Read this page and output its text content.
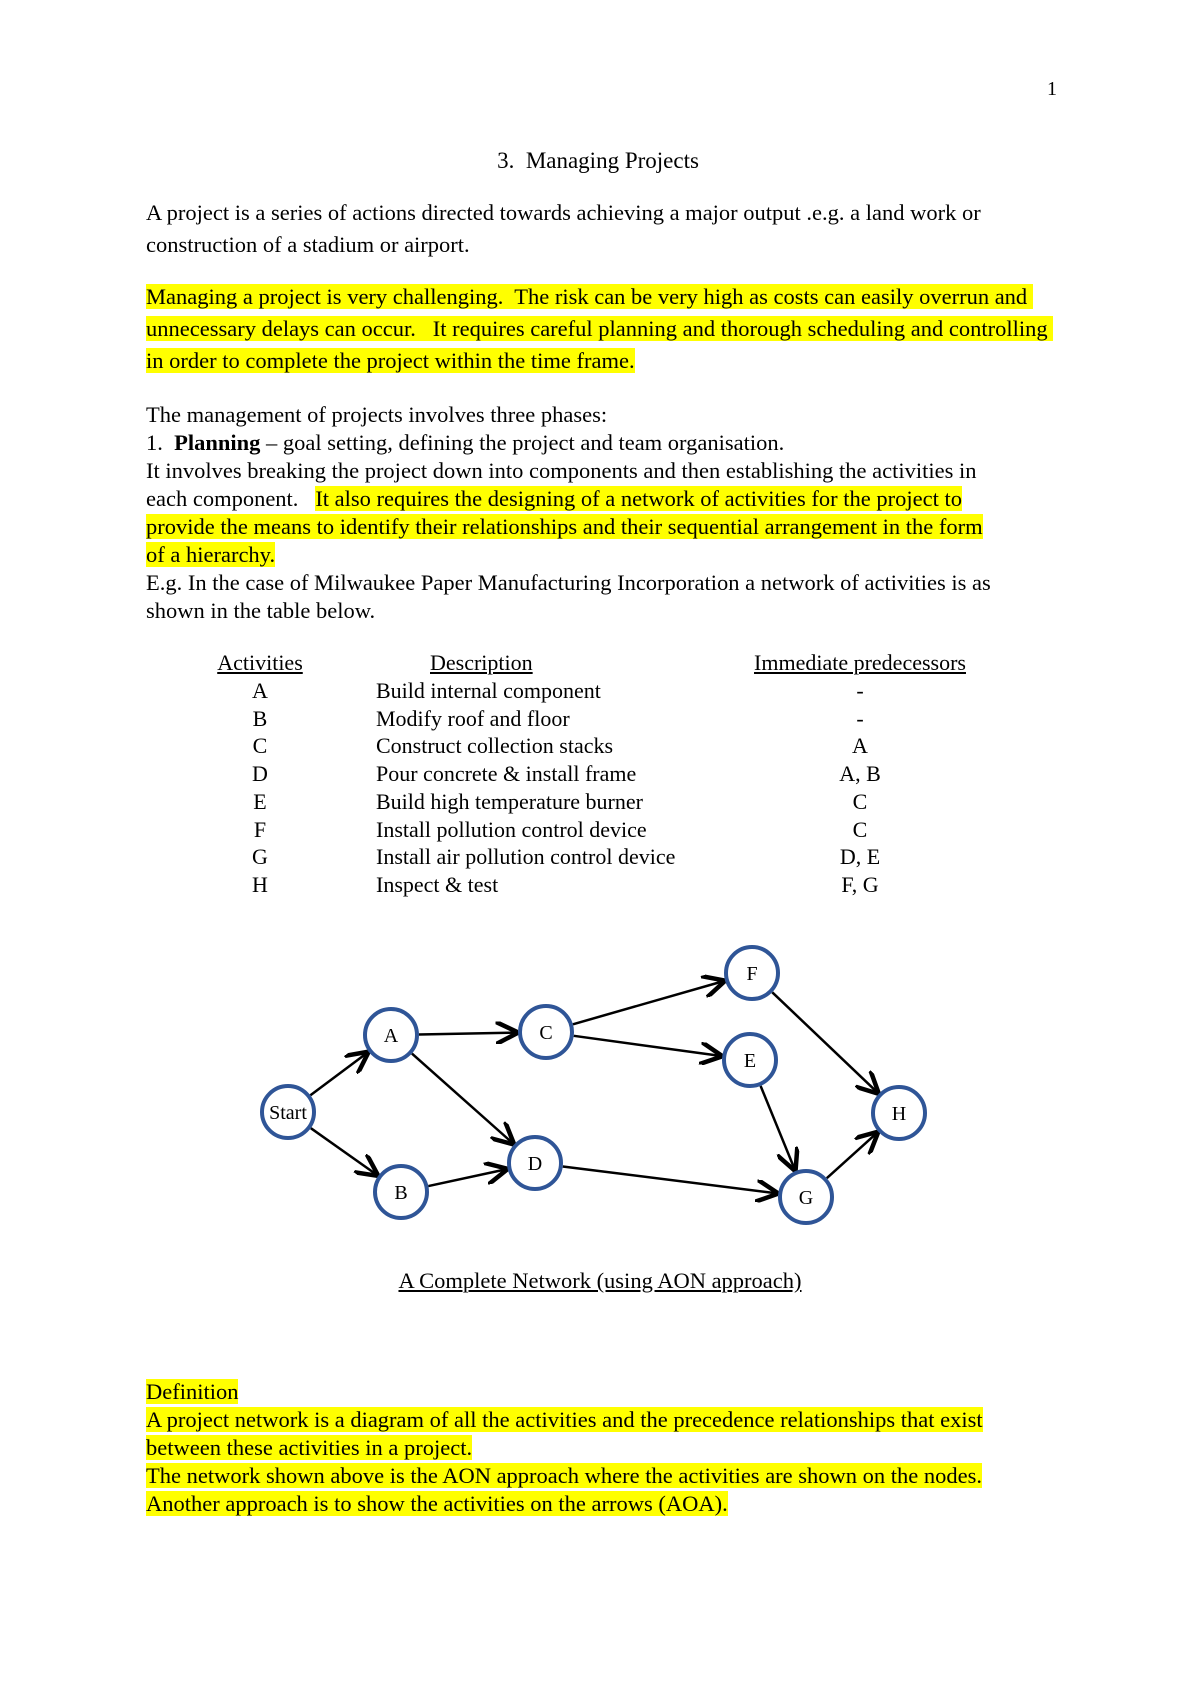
1
3.  Managing Projects
A project is a series of actions directed towards achieving a major output .e.g. a land work or construction of a stadium or airport.
Managing a project is very challenging.  The risk can be very high as costs can easily overrun and unnecessary delays can occur.   It requires careful planning and thorough scheduling and controlling in order to complete the project within the time frame.
The management of projects involves three phases:
1.  Planning – goal setting, defining the project and team organisation.
It involves breaking the project down into components and then establishing the activities in
each component.   It also requires the designing of a network of activities for the project to
provide the means to identify their relationships and their sequential arrangement in the form
of a hierarchy.
E.g. In the case of Milwaukee Paper Manufacturing Incorporation a network of activities is as
shown in the table below.
Activities	Description	Immediate predecessors
A	Build internal component	-
B	Modify roof and floor	-
C	Construct collection stacks	A
D	Pour concrete & install frame	A, B
E	Build high temperature burner	C
F	Install pollution control device	C
G	Install air pollution control device	D, E
H	Inspect & test	F, G
Start
A
B
C
D
E
F
G
H
A Complete Network (using AON approach)
Definition
A project network is a diagram of all the activities and the precedence relationships that exist
between these activities in a project.
The network shown above is the AON approach where the activities are shown on the nodes.
Another approach is to show the activities on the arrows (AOA).
